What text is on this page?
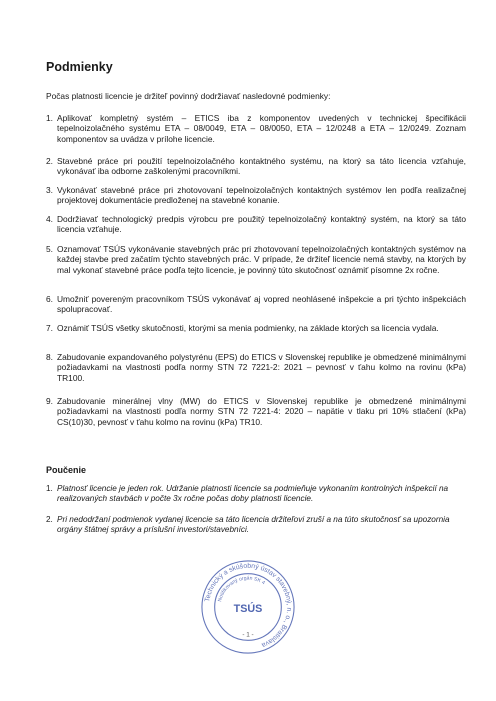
Podmienky

Počas platnosti licencie je držiteľ povinný dodržiavať nasledovné podmienky:

1. Aplikovať kompletný systém – ETICS iba z komponentov uvedených v technickej špecifikácii tepelnoizolačného systému ETA – 08/0049, ETA – 08/0050, ETA – 12/0248 a ETA – 12/0249. Zoznam komponentov sa uvádza v prílohe licencie.
2. Stavebné práce pri použití tepelnoizolačného kontaktného systému, na ktorý sa táto licencia vzťahuje, vykonávať iba odborne zaškolenými pracovníkmi.
3. Vykonávať stavebné práce pri zhotovovaní tepelnoizolačných kontaktných systémov len podľa realizačnej projektovej dokumentácie predloženej na stavebné konanie.
4. Dodržiavať technologický predpis výrobcu pre použitý tepelnoizolačný kontaktný systém, na ktorý sa táto licencia vzťahuje.
5. Oznamovať TSÚS vykonávanie stavebných prác pri zhotovovaní tepelnoizolačných kontaktných systémov na každej stavbe pred začatím týchto stavebných prác. V prípade, že držiteľ licencie nemá stavby, na ktorých by mal vykonať stavebné práce podľa tejto licencie, je povinný túto skutočnosť oznámiť písomne 2x ročne.
6. Umožniť povereným pracovníkom TSÚS vykonávať aj vopred neohlásené inšpekcie a pri týchto inšpekciách spolupracovať.
7. Oznámiť TSÚS všetky skutočnosti, ktorými sa menia podmienky, na základe ktorých sa licencia vydala.
8. Zabudovanie expandovaného polystyrénu (EPS) do ETICS v Slovenskej republike je obmedzené minimálnymi požiadavkami na vlastnosti podľa normy STN 72 7221-2: 2021 – pevnosť v ťahu kolmo na rovinu (kPa) TR100.
9. Zabudovanie minerálnej vlny (MW) do ETICS v Slovenskej republike je obmedzené minimálnymi požiadavkami na vlastnosti podľa normy STN 72 7221-4: 2020 – napätie v tlaku pri 10% stlačení (kPa) CS(10)30, pevnosť v ťahu kolmo na rovinu (kPa) TR10.
Poučenie
1. Platnosť licencie je jeden rok. Udržanie platnosti licencie sa podmieňuje vykonaním kontrolných inšpekcií na realizovaných stavbách v počte 3x ročne počas doby platnosti licencie.
2. Pri nedodržaní podmienok vydanej licencie sa táto licencia držiteľovi zruší a na túto skutočnosť sa upozornia orgány štátnej správy a príslušní investori/stavebníci.
Technický a skúšobný ústav stavebný, n. o., Bratislava
Notifikovaný orgán SK 4
TSÚS
- 1 -
